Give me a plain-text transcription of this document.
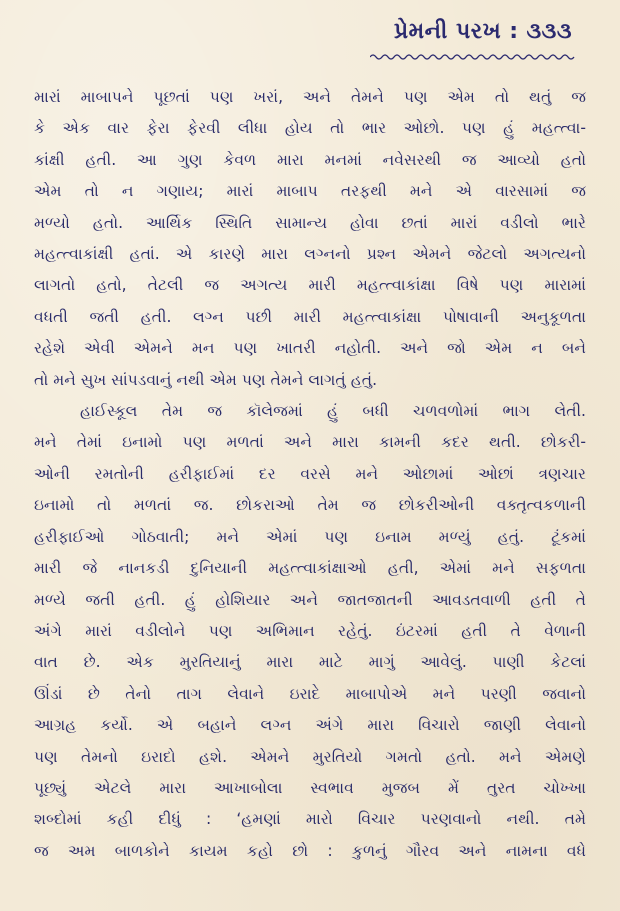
પ્રેમની પરખ : ૩૩૩
મારાં માબાપને પૂછતાં પણ ખરાં, અને તેમને પણ એમ તો થતું જ
કે એક વાર ફેરા ફેરવી લીધા હોય તો ભાર ઓછો. પણ હું મહત્ત્વા-
કાંક્ષી હતી. આ ગુણ કેવળ મારા મનમાં નવેસરથી જ આવ્યો હતો
એમ તો ન ગણાય; મારાં માબાપ તરફથી મને એ વારસામાં જ
મળ્યો હતો. આર્થિક સ્થિતિ સામાન્ય હોવા છતાં મારાં વડીલો ભારે
મહત્ત્વાકાંક્ષી હતાં. એ કારણે મારા લગ્નનો પ્રશ્ન એમને જેટલો અગત્યનો
લાગતો હતો, તેટલી જ અગત્ય મારી મહત્ત્વાકાંક્ષા વિષે પણ મારામાં
વધતી જતી હતી. લગ્ન પછી મારી મહત્ત્વાકાંક્ષા પોષાવાની અનુકૂળતા
રહેશે એવી એમને મન પણ ખાતરી નહોતી. અને જો એમ ન બને
તો મને સુખ સાંપડવાનું નથી એમ પણ તેમને લાગતું હતું.
હાઈસ્કૂલ તેમ જ કૉલેજમાં હું બધી ચળવળોમાં ભાગ લેતી.
મને તેમાં ઇનામો પણ મળતાં અને મારા કામની કદર થતી. છોકરી-
ઓની રમતોની હરીફાઈમાં દર વરસે મને ઓછામાં ઓછાં ત્રણચાર
ઇનામો તો મળતાં જ. છોકરાઓ તેમ જ છોકરીઓની વક્તૃત્વકળાની
હરીફાઈઓ ગોઠવાતી; મને એમાં પણ ઇનામ મળ્યું હતું. ટૂંકમાં
મારી જે નાનકડી દુનિયાની મહત્ત્વાકાંક્ષાઓ હતી, એમાં મને સફળતા
મળ્યે જતી હતી. હું હોશિયાર અને જાતજાતની આવડતવાળી હતી તે
અંગે મારાં વડીલોને પણ અભિમાન રહેતું. ઇંટરમાં હતી તે વેળાની
વાત છે. એક મુરતિયાનું મારા માટે માગું આવેલું. પાણી કેટલાં
ઊંડાં છે તેનો તાગ લેવાને ઇરાદે માબાપોએ મને પરણી જવાનો
આગ્રહ કર્યો. એ બહાને લગ્ન અંગે મારા વિચારો જાણી લેવાનો
પણ તેમનો ઇરાદો હશે. એમને મુરતિયો ગમતો હતો. મને એમણે
પૂછ્યું એટલે મારા આખાબોલા સ્વભાવ મુજબ મેં તુરત ચોખ્ખા
શબ્દોમાં કહી દીધું : ‘હમણાં મારો વિચાર પરણવાનો નથી. તમે
જ અમ બાળકોને કાયમ કહો છો : કુળનું ગૌરવ અને નામના વધે
